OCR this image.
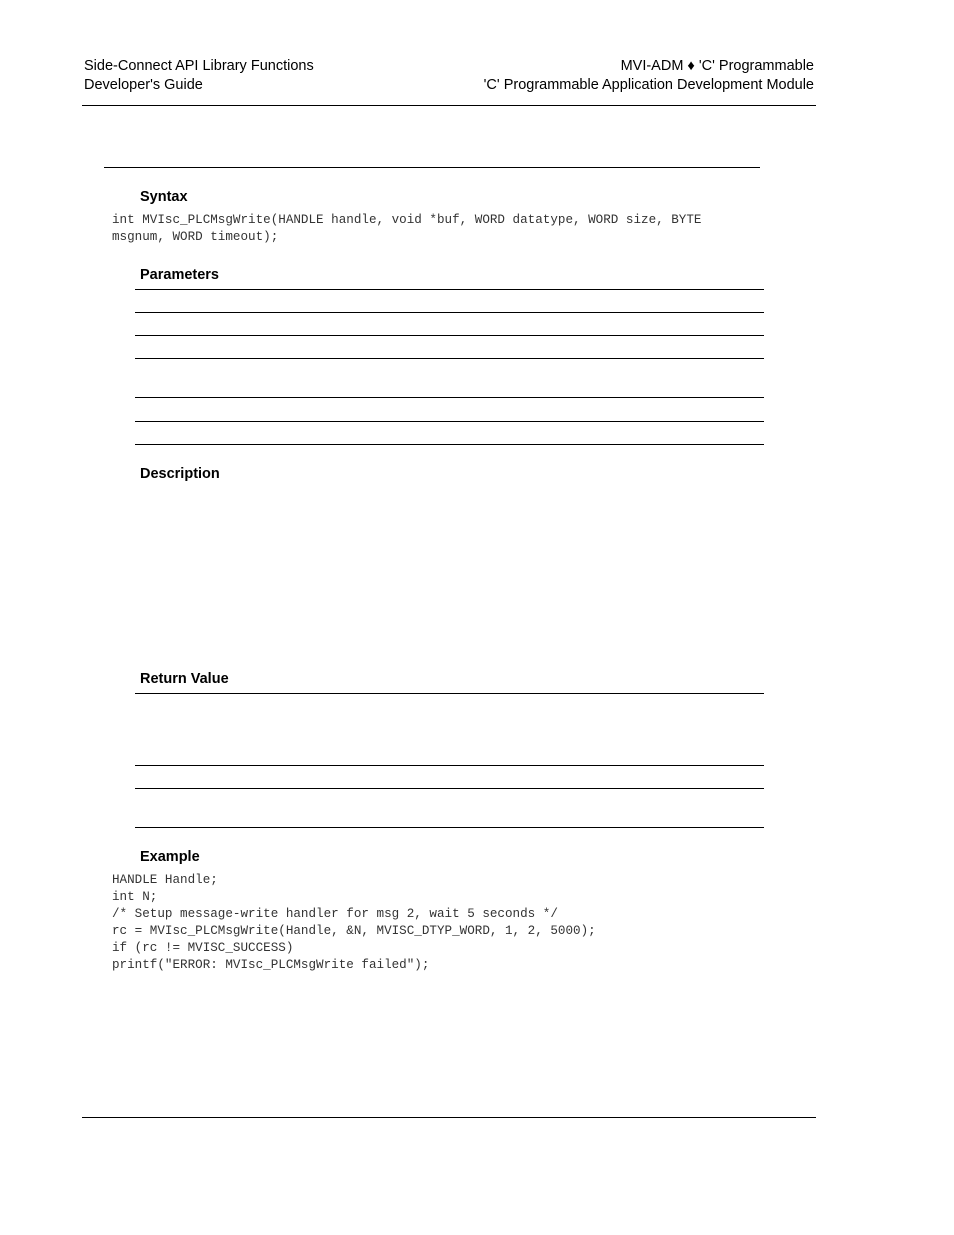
Side-Connect API Library Functions
Developer's Guide
MVI-ADM ♦ 'C' Programmable
'C' Programmable Application Development Module
Syntax
int MVIsc_PLCMsgWrite(HANDLE handle, void *buf, WORD datatype, WORD size, BYTE
msgnum, WORD timeout);
Parameters
Description
Return Value
Example
HANDLE Handle;
int N;
/* Setup message-write handler for msg 2, wait 5 seconds */
rc = MVIsc_PLCMsgWrite(Handle, &N, MVISC_DTYP_WORD, 1, 2, 5000);
if (rc != MVISC_SUCCESS)
printf("ERROR: MVIsc_PLCMsgWrite failed");
